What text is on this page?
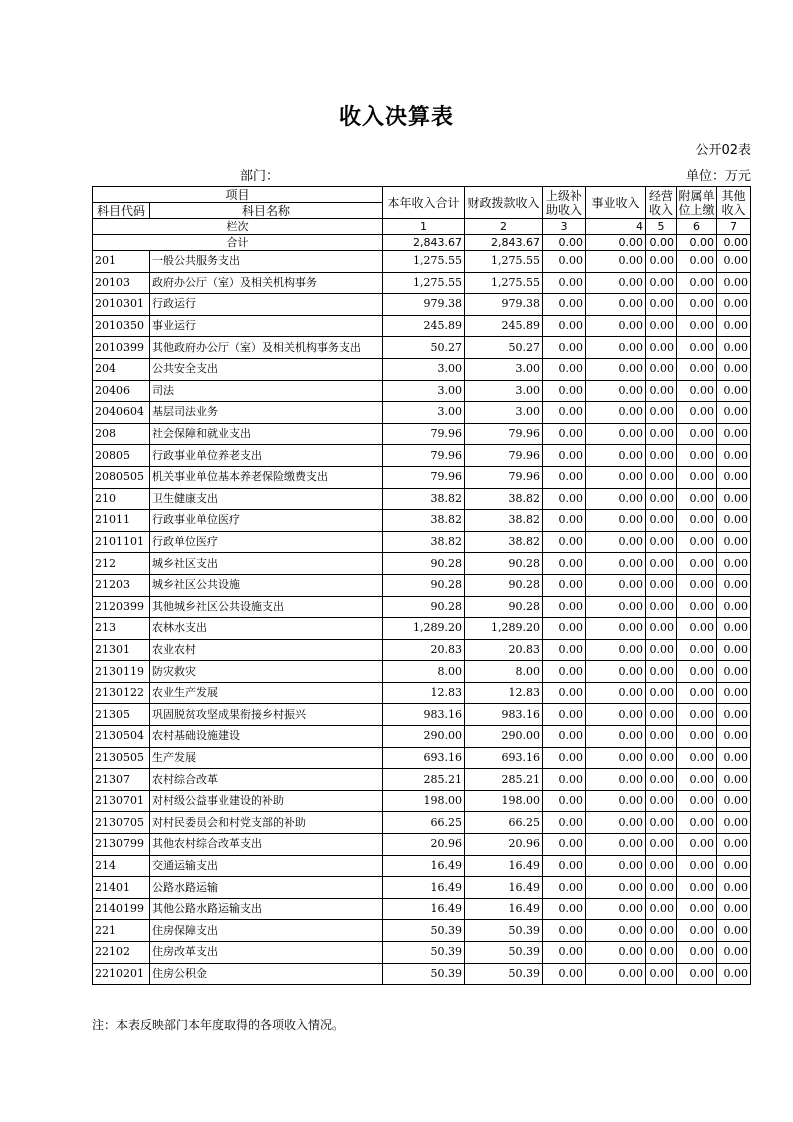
收入决算表
公开02表
部门：	单位：万元
项目		本年收入合计	财政拨款收入	上级补助收入	事业收入	经营收入	附属单位上缴	其他收入
科目代码	科目名称							
栏次		1	2	3	4	5	6	7
合计		2,843.67	2,843.67	0.00	0.00	0.00	0.00	0.00
201	一般公共服务支出	1,275.55	1,275.55	0.00	0.00	0.00	0.00	0.00
20103	政府办公厅（室）及相关机构事务	1,275.55	1,275.55	0.00	0.00	0.00	0.00	0.00
2010301	行政运行	979.38	979.38	0.00	0.00	0.00	0.00	0.00
2010350	事业运行	245.89	245.89	0.00	0.00	0.00	0.00	0.00
2010399	其他政府办公厅（室）及相关机构事务支出	50.27	50.27	0.00	0.00	0.00	0.00	0.00
204	公共安全支出	3.00	3.00	0.00	0.00	0.00	0.00	0.00
20406	司法	3.00	3.00	0.00	0.00	0.00	0.00	0.00
2040604	基层司法业务	3.00	3.00	0.00	0.00	0.00	0.00	0.00
208	社会保障和就业支出	79.96	79.96	0.00	0.00	0.00	0.00	0.00
20805	行政事业单位养老支出	79.96	79.96	0.00	0.00	0.00	0.00	0.00
2080505	机关事业单位基本养老保险缴费支出	79.96	79.96	0.00	0.00	0.00	0.00	0.00
210	卫生健康支出	38.82	38.82	0.00	0.00	0.00	0.00	0.00
21011	行政事业单位医疗	38.82	38.82	0.00	0.00	0.00	0.00	0.00
2101101	行政单位医疗	38.82	38.82	0.00	0.00	0.00	0.00	0.00
212	城乡社区支出	90.28	90.28	0.00	0.00	0.00	0.00	0.00
21203	城乡社区公共设施	90.28	90.28	0.00	0.00	0.00	0.00	0.00
2120399	其他城乡社区公共设施支出	90.28	90.28	0.00	0.00	0.00	0.00	0.00
213	农林水支出	1,289.20	1,289.20	0.00	0.00	0.00	0.00	0.00
21301	农业农村	20.83	20.83	0.00	0.00	0.00	0.00	0.00
2130119	防灾救灾	8.00	8.00	0.00	0.00	0.00	0.00	0.00
2130122	农业生产发展	12.83	12.83	0.00	0.00	0.00	0.00	0.00
21305	巩固脱贫攻坚成果衔接乡村振兴	983.16	983.16	0.00	0.00	0.00	0.00	0.00
2130504	农村基础设施建设	290.00	290.00	0.00	0.00	0.00	0.00	0.00
2130505	生产发展	693.16	693.16	0.00	0.00	0.00	0.00	0.00
21307	农村综合改革	285.21	285.21	0.00	0.00	0.00	0.00	0.00
2130701	对村级公益事业建设的补助	198.00	198.00	0.00	0.00	0.00	0.00	0.00
2130705	对村民委员会和村党支部的补助	66.25	66.25	0.00	0.00	0.00	0.00	0.00
2130799	其他农村综合改革支出	20.96	20.96	0.00	0.00	0.00	0.00	0.00
214	交通运输支出	16.49	16.49	0.00	0.00	0.00	0.00	0.00
21401	公路水路运输	16.49	16.49	0.00	0.00	0.00	0.00	0.00
2140199	其他公路水路运输支出	16.49	16.49	0.00	0.00	0.00	0.00	0.00
221	住房保障支出	50.39	50.39	0.00	0.00	0.00	0.00	0.00
22102	住房改革支出	50.39	50.39	0.00	0.00	0.00	0.00	0.00
2210201	住房公积金	50.39	50.39	0.00	0.00	0.00	0.00	0.00
注：本表反映部门本年度取得的各项收入情况。
